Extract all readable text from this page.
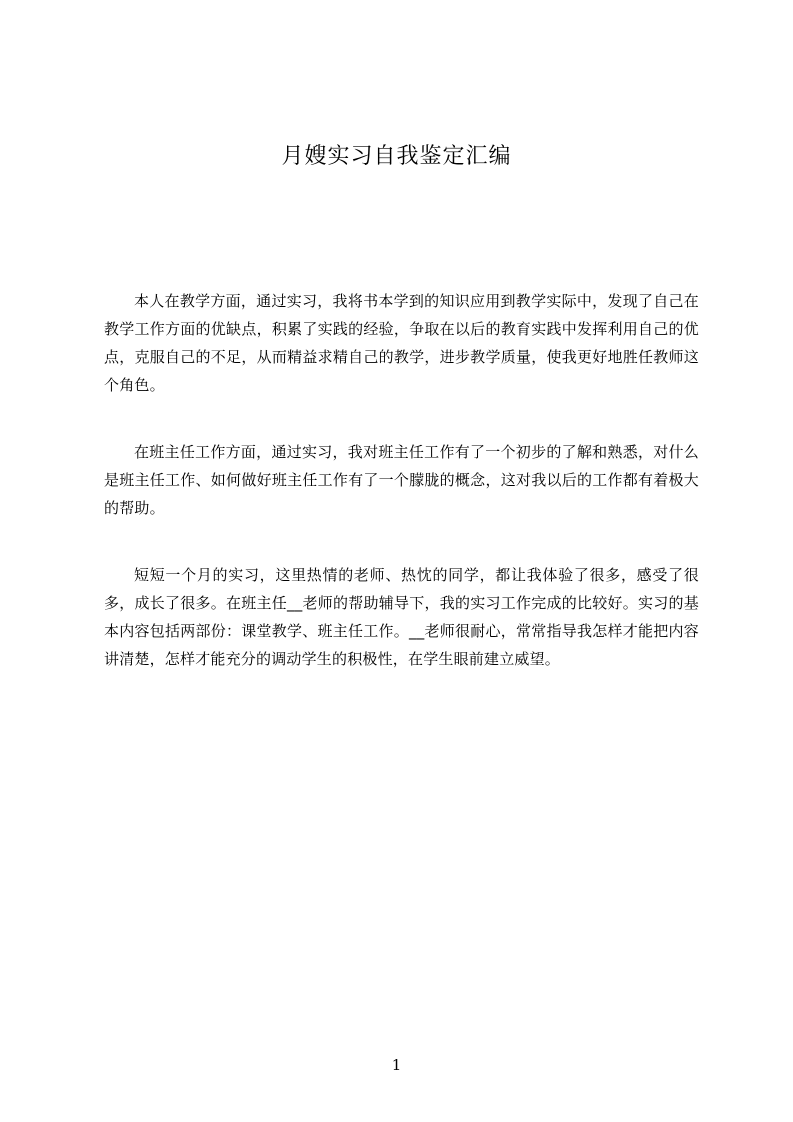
月嫂实习自我鉴定汇编

本人在教学方面，通过实习，我将书本学到的知识应用到教学实际中，发现了自己在教学工作方面的优缺点，积累了实践的经验，争取在以后的教育实践中发挥利用自己的优点，克服自己的不足，从而精益求精自己的教学，进步教学质量，使我更好地胜任教师这个角色。

在班主任工作方面，通过实习，我对班主任工作有了一个初步的了解和熟悉，对什么是班主任工作、如何做好班主任工作有了一个朦胧的概念，这对我以后的工作都有着极大的帮助。

短短一个月的实习，这里热情的老师、热忱的同学，都让我体验了很多，感受了很多，成长了很多。在班主任__老师的帮助辅导下，我的实习工作完成的比较好。实习的基本内容包括两部份：课堂教学、班主任工作。__老师很耐心，常常指导我怎样才能把内容讲清楚，怎样才能充分的调动学生的积极性，在学生眼前建立威望。

1
